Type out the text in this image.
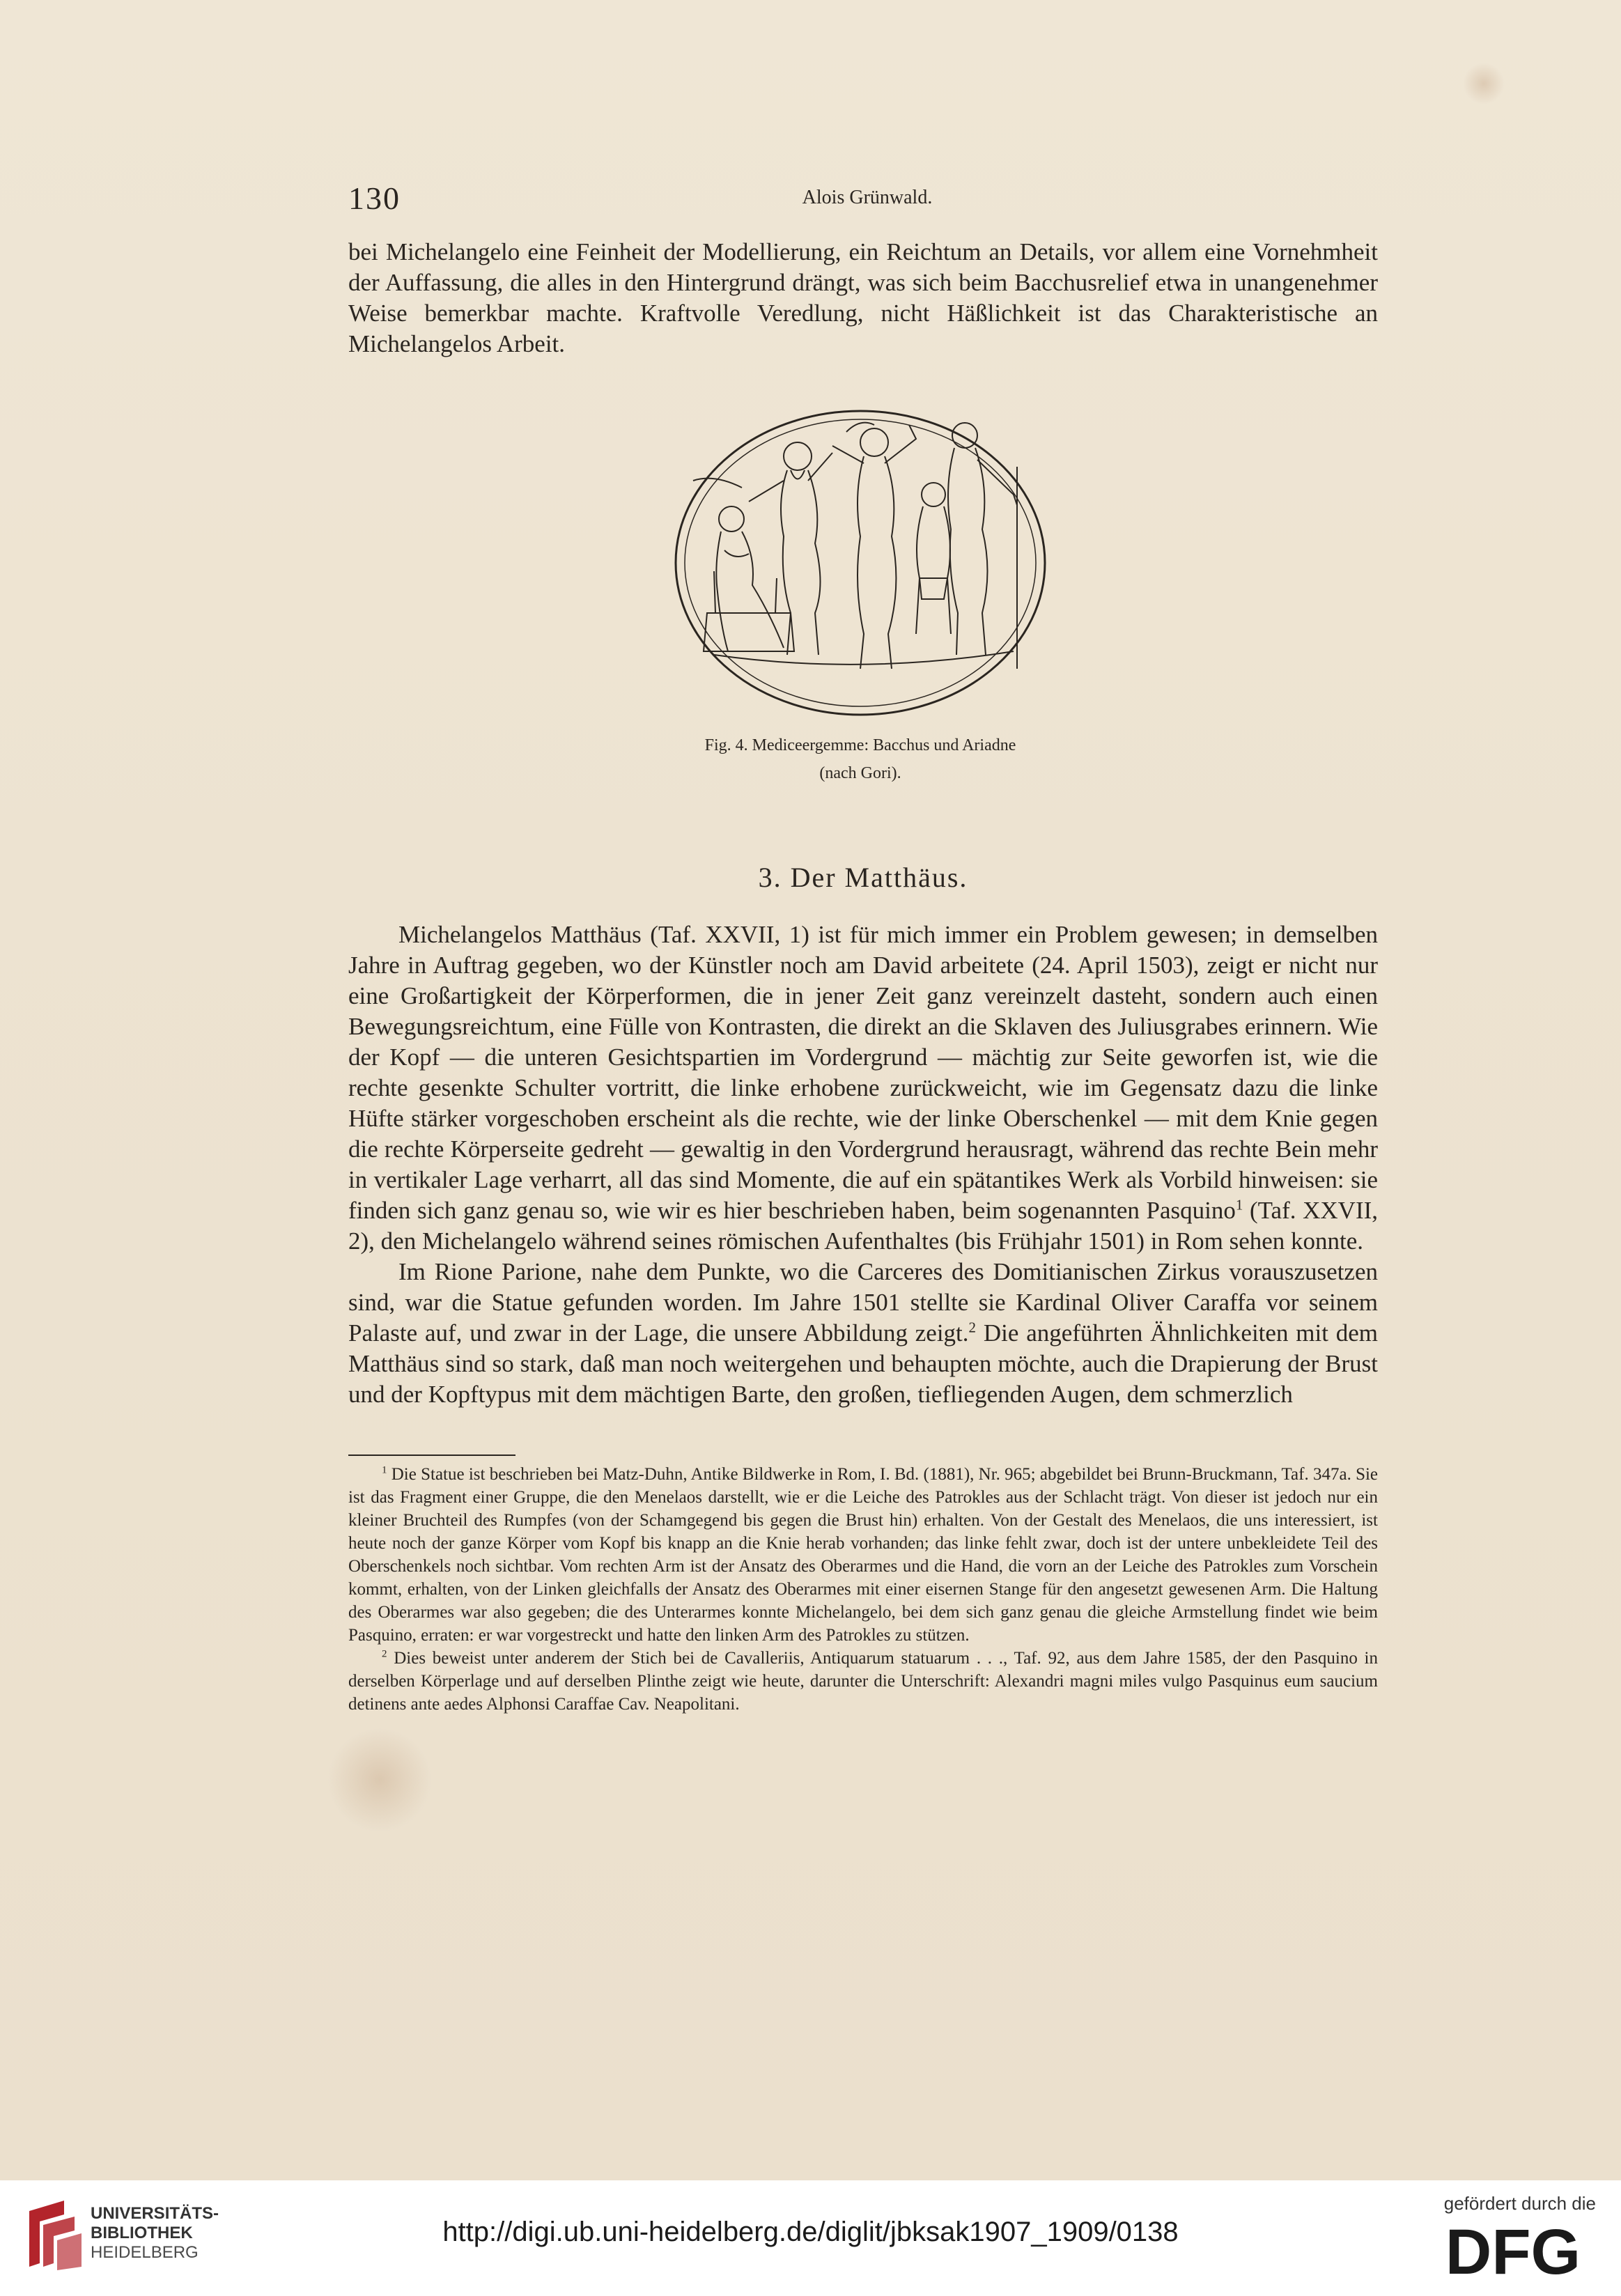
130	Alois Grünwald.

bei Michelangelo eine Feinheit der Modellierung, ein Reichtum an Details, vor allem eine Vornehmheit der Auffassung, die alles in den Hintergrund drängt, was sich beim Bacchusrelief etwa in unangenehmer Weise bemerkbar machte. Kraftvolle Veredlung, nicht Häßlichkeit ist das Charakteristische an Michelangelos Arbeit.

Fig. 4. Mediceergemme: Bacchus und Ariadne
(nach Gori).
3. Der Matthäus.

Michelangelos Matthäus (Taf. XXVII, 1) ist für mich immer ein Problem gewesen; in demselben Jahre in Auftrag gegeben, wo der Künstler noch am David arbeitete (24. April 1503), zeigt er nicht nur eine Großartigkeit der Körperformen, die in jener Zeit ganz vereinzelt dasteht, sondern auch einen Bewegungsreichtum, eine Fülle von Kontrasten, die direkt an die Sklaven des Juliusgrabes erinnern. Wie der Kopf — die unteren Gesichtspartien im Vordergrund — mächtig zur Seite geworfen ist, wie die rechte gesenkte Schulter vortritt, die linke erhobene zurückweicht, wie im Gegensatz dazu die linke Hüfte stärker vorgeschoben erscheint als die rechte, wie der linke Oberschenkel — mit dem Knie gegen die rechte Körperseite gedreht — gewaltig in den Vordergrund herausragt, während das rechte Bein mehr in vertikaler Lage verharrt, all das sind Momente, die auf ein spätantikes Werk als Vorbild hinweisen: sie finden sich ganz genau so, wie wir es hier beschrieben haben, beim sogenannten Pasquino$^1$ (Taf. XXVII, 2), den Michelangelo während seines römischen Aufenthaltes (bis Frühjahr 1501) in Rom sehen konnte.

Im Rione Parione, nahe dem Punkte, wo die Carceres des Domitianischen Zirkus vorauszusetzen sind, war die Statue gefunden worden. Im Jahre 1501 stellte sie Kardinal Oliver Caraffa vor seinem Palaste auf, und zwar in der Lage, die unsere Abbildung zeigt.$^2$ Die angeführten Ähnlichkeiten mit dem Matthäus sind so stark, daß man noch weitergehen und behaupten möchte, auch die Drapierung der Brust und der Kopftypus mit dem mächtigen Barte, den großen, tiefliegenden Augen, dem schmerzlich

$^1$ Die Statue ist beschrieben bei Matz-Duhn, Antike Bildwerke in Rom, I. Bd. (1881), Nr. 965; abgebildet bei Brunn-Bruckmann, Taf. 347a. Sie ist das Fragment einer Gruppe, die den Menelaos darstellt, wie er die Leiche des Patrokles aus der Schlacht trägt. Von dieser ist jedoch nur ein kleiner Bruchteil des Rumpfes (von der Schamgegend bis gegen die Brust hin) erhalten. Von der Gestalt des Menelaos, die uns interessiert, ist heute noch der ganze Körper vom Kopf bis knapp an die Knie herab vorhanden; das linke fehlt zwar, doch ist der untere unbekleidete Teil des Oberschenkels noch sichtbar. Vom rechten Arm ist der Ansatz des Oberarmes und die Hand, die vorn an der Leiche des Patrokles zum Vorschein kommt, erhalten, von der Linken gleichfalls der Ansatz des Oberarmes mit einer eisernen Stange für den angesetzt gewesenen Arm. Die Haltung des Oberarmes war also gegeben; die des Unterarmes konnte Michelangelo, bei dem sich ganz genau die gleiche Armstellung findet wie beim Pasquino, erraten: er war vorgestreckt und hatte den linken Arm des Patrokles zu stützen.

$^2$ Dies beweist unter anderem der Stich bei de Cavalleriis, Antiquarum statuarum . . ., Taf. 92, aus dem Jahre 1585, der den Pasquino in derselben Körperlage und auf derselben Plinthe zeigt wie heute, darunter die Unterschrift: Alexandri magni miles vulgo Pasquinus eum saucium detinens ante aedes Alphonsi Caraffae Cav. Neapolitani.

UNIVERSITÄTS-
BIBLIOTHEK
HEIDELBERG
http://digi.ub.uni-heidelberg.de/diglit/jbksak1907_1909/0138
gefördert durch die
DFG
